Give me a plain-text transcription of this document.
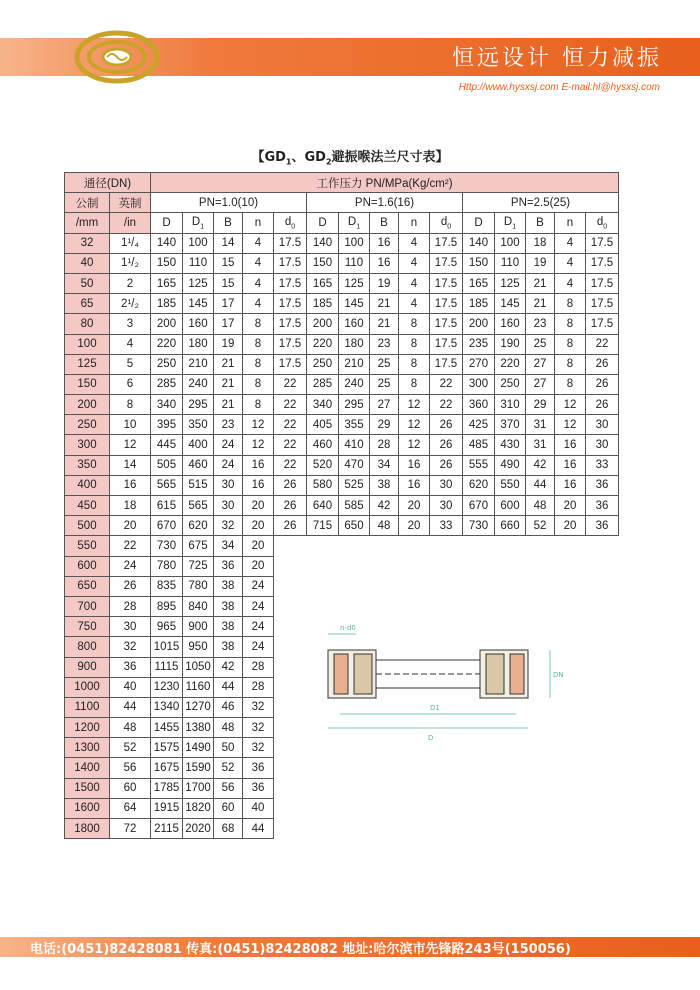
恒远设计 恒力减振
Http://www.hysxsj.com E-mail:hl@hysxsj.com
【$GD_1$、$GD_2$避振喉法兰尺寸表】
通径(DN)		工作压力 PN/MPa(Kg/cm²)														
公制	英制	PN=1.0(10)					PN=1.6(16)					PN=2.5(25)				
/mm	/in	D	$D_1$	B	n	$d_0$	D	$D_1$	B	n	$d_0$	D	$D_1$	B	n	$d_0$
32	1¹/₄	140	100	14	4	17.5	140	100	16	4	17.5	140	100	18	4	17.5
40	1¹/₂	150	110	15	4	17.5	150	110	16	4	17.5	150	110	19	4	17.5
50	2	165	125	15	4	17.5	165	125	19	4	17.5	165	125	21	4	17.5
65	2¹/₂	185	145	17	4	17.5	185	145	21	4	17.5	185	145	21	8	17.5
80	3	200	160	17	8	17.5	200	160	21	8	17.5	200	160	23	8	17.5
100	4	220	180	19	8	17.5	220	180	23	8	17.5	235	190	25	8	22
125	5	250	210	21	8	17.5	250	210	25	8	17.5	270	220	27	8	26
150	6	285	240	21	8	22	285	240	25	8	22	300	250	27	8	26
200	8	340	295	21	8	22	340	295	27	12	22	360	310	29	12	26
250	10	395	350	23	12	22	405	355	29	12	26	425	370	31	12	30
300	12	445	400	24	12	22	460	410	28	12	26	485	430	31	16	30
350	14	505	460	24	16	22	520	470	34	16	26	555	490	42	16	33
400	16	565	515	30	16	26	580	525	38	16	30	620	550	44	16	36
450	18	615	565	30	20	26	640	585	42	20	30	670	600	48	20	36
500	20	670	620	32	20	26	715	650	48	20	33	730	660	52	20	36
550	22	730	675	34	20											
600	24	780	725	36	20											
650	26	835	780	38	24											
700	28	895	840	38	24											
750	30	965	900	38	24											
800	32	1015	950	38	24											
900	36	1115	1050	42	28											
1000	40	1230	1160	44	28											
1100	44	1340	1270	46	32											
1200	48	1455	1380	48	32											
1300	52	1575	1490	50	32											
1400	56	1675	1590	52	36											
1500	60	1785	1700	56	36											
1600	64	1915	1820	60	40											
1800	72	2115	2020	68	44											
n-d0
D1
D
DN
电话:(0451)82428081 传真:(0451)82428082 地址:哈尔滨市先锋路243号(150056)
